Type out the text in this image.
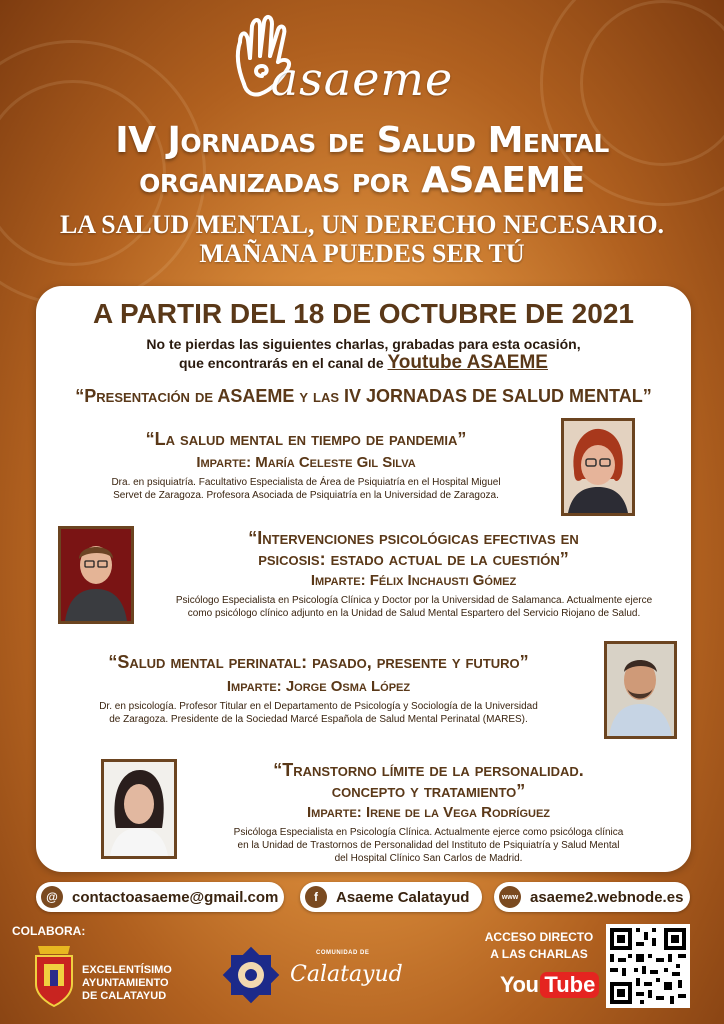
asaeme
IV Jornadas de Salud Mental
organizadas por ASAEME
LA SALUD MENTAL, UN DERECHO NECESARIO.
MAÑANA PUEDES SER TÚ
A PARTIR DEL 18 DE OCTUBRE DE 2021
No te pierdas las siguientes charlas, grabadas para esta ocasión,
que encontrarás en el canal de Youtube ASAEME
“Presentación de ASAEME y las IV JORNADAS DE SALUD MENTAL”
“La salud mental en tiempo de pandemia”
Imparte: María Celeste Gil Silva
Dra. en psiquiatría. Facultativo Especialista de Área de Psiquiatría en el Hospital Miguel
Servet de Zaragoza. Profesora Asociada de Psiquiatría en la Universidad de Zaragoza.
“Intervenciones psicológicas efectivas en
psicosis: estado actual de la cuestión”
Imparte: Félix Inchausti Gómez
Psicólogo Especialista en Psicología Clínica y Doctor por la Universidad de Salamanca. Actualmente ejerce
como psicólogo clínico adjunto en la Unidad de Salud Mental Espartero del Servicio Riojano de Salud.
“Salud mental perinatal: pasado, presente y futuro”
Imparte: Jorge Osma López
Dr. en psicología. Profesor Titular en el Departamento de Psicología y Sociología de la Universidad
de Zaragoza. Presidente de la Sociedad Marcé Española de Salud Mental Perinatal (MARES).
“Transtorno límite de la personalidad.
concepto y tratamiento”
Imparte: Irene de la Vega Rodríguez
Psicóloga Especialista en Psicología Clínica. Actualmente ejerce como psicóloga clínica
en la Unidad de Trastornos de Personalidad del Instituto de Psiquiatría y Salud Mental
del Hospital Clínico San Carlos de Madrid.
@ contactoasaeme@gmail.com	f	Asaeme Calatayud	www asaeme2.webnode.es
COLABORA:
EXCELENTÍSIMO
AYUNTAMIENTO
DE CALATAYUD
COMUNIDAD DE
Calatayud
ACCESO DIRECTO
A LAS CHARLAS
You Tube
